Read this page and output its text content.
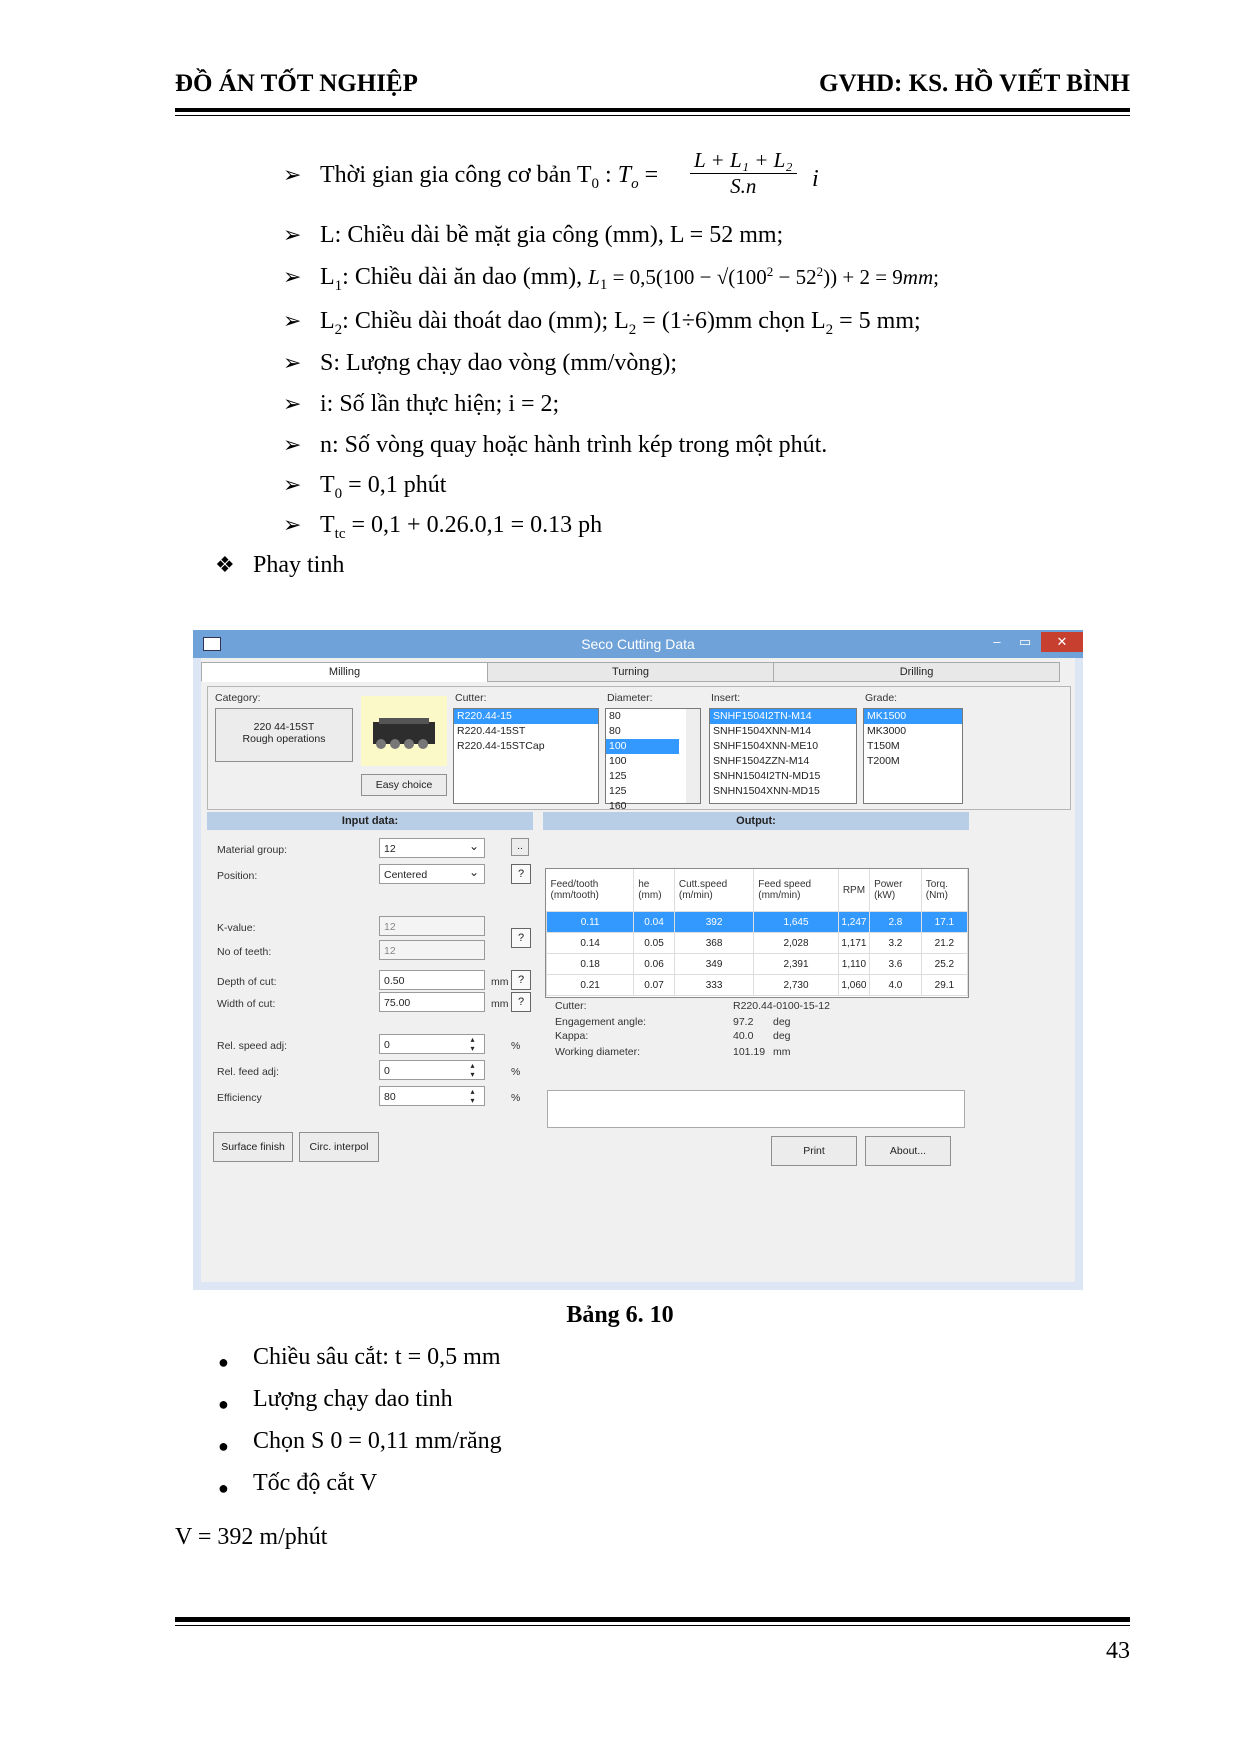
ĐỒ ÁN TỐT NGHIỆP	GVHD: KS. HỒ VIẾT BÌNH
➢ Thời gian gia công cơ bản $T_0$ : $T_o = \frac{\text{L + L₁ + L₂}}{S.n}$ i
➢ L: Chiều dài bề mặt gia công (mm), L = 52 mm;
➢ $L_1$: Chiều dài ăn dao (mm), $L_1 = 0,5(100 - √(100^2 - 52^2)) + 2 = 9mm$;
➢ $L_2$: Chiều dài thoát dao (mm); $L_2 = (1\div 6)mm$ chọn $L_2 = 5$ mm;
➢ S: Lượng chạy dao vòng (mm/vòng);
➢ i: Số lần thực hiện; i = 2;
➢ n: Số vòng quay hoặc hành trình kép trong một phút.
➢ $T_0 = 0,1$ phút
➢ $T_{tc} = 0,1 + 0.26.0,1 = 0.13$ ph
❖ Phay tinh
Seco Cutting Data	–	▭	✕
Milling	Turning	Drilling
Category:
220 44-15ST
Rough operations
Easy choice
Cutter:
R220.44-15
R220.44-15ST
R220.44-15STCap
Diameter:
80
80
100
100
125
125
160
Insert:
SNHF1504I2TN-M14
SNHF1504XNN-M14
SNHF1504XNN-ME10
SNHF1504ZZN-M14
SNHN1504I2TN-MD15
SNHN1504XNN-MD15
Grade:
MK1500
MK3000
T150M
T200M
Input data:	Output:
Material group:	12 ⌄	..
Position:	Centered ⌄	?
K-value:	12
?
No of teeth:	12
Depth of cut:	0.50	mm ?
Width of cut:	75.00	mm ?
Rel. speed adj:	0 ▴▾	%
Rel. feed adj:	0 ▴▾	%
Efficiency	80 ▴▾	%
Surface finish	Circ. interpol
Feed/tooth (mm/tooth)	he (mm)	Cutt.speed (m/min)	Feed speed (mm/min)	RPM	Power (kW)	Torq. (Nm)
0.11	0.04	392	1,645	1,247	2.8	17.1
0.14	0.05	368	2,028	1,171	3.2	21.2
0.18	0.06	349	2,391	1,110	3.6	25.2
0.21	0.07	333	2,730	1,060	4.0	29.1
Cutter:	R220.44-0100-15-12
Engagement angle:	97.2 deg
Kappa:	40.0 deg
Working diameter:	101.19 mm
Print	About...
Bảng 6. 10
● Chiều sâu cắt: t = 0,5 mm
● Lượng chạy dao tinh
● Chọn S 0 = 0,11 mm/răng
● Tốc độ cắt V
V = 392 m/phút
43
